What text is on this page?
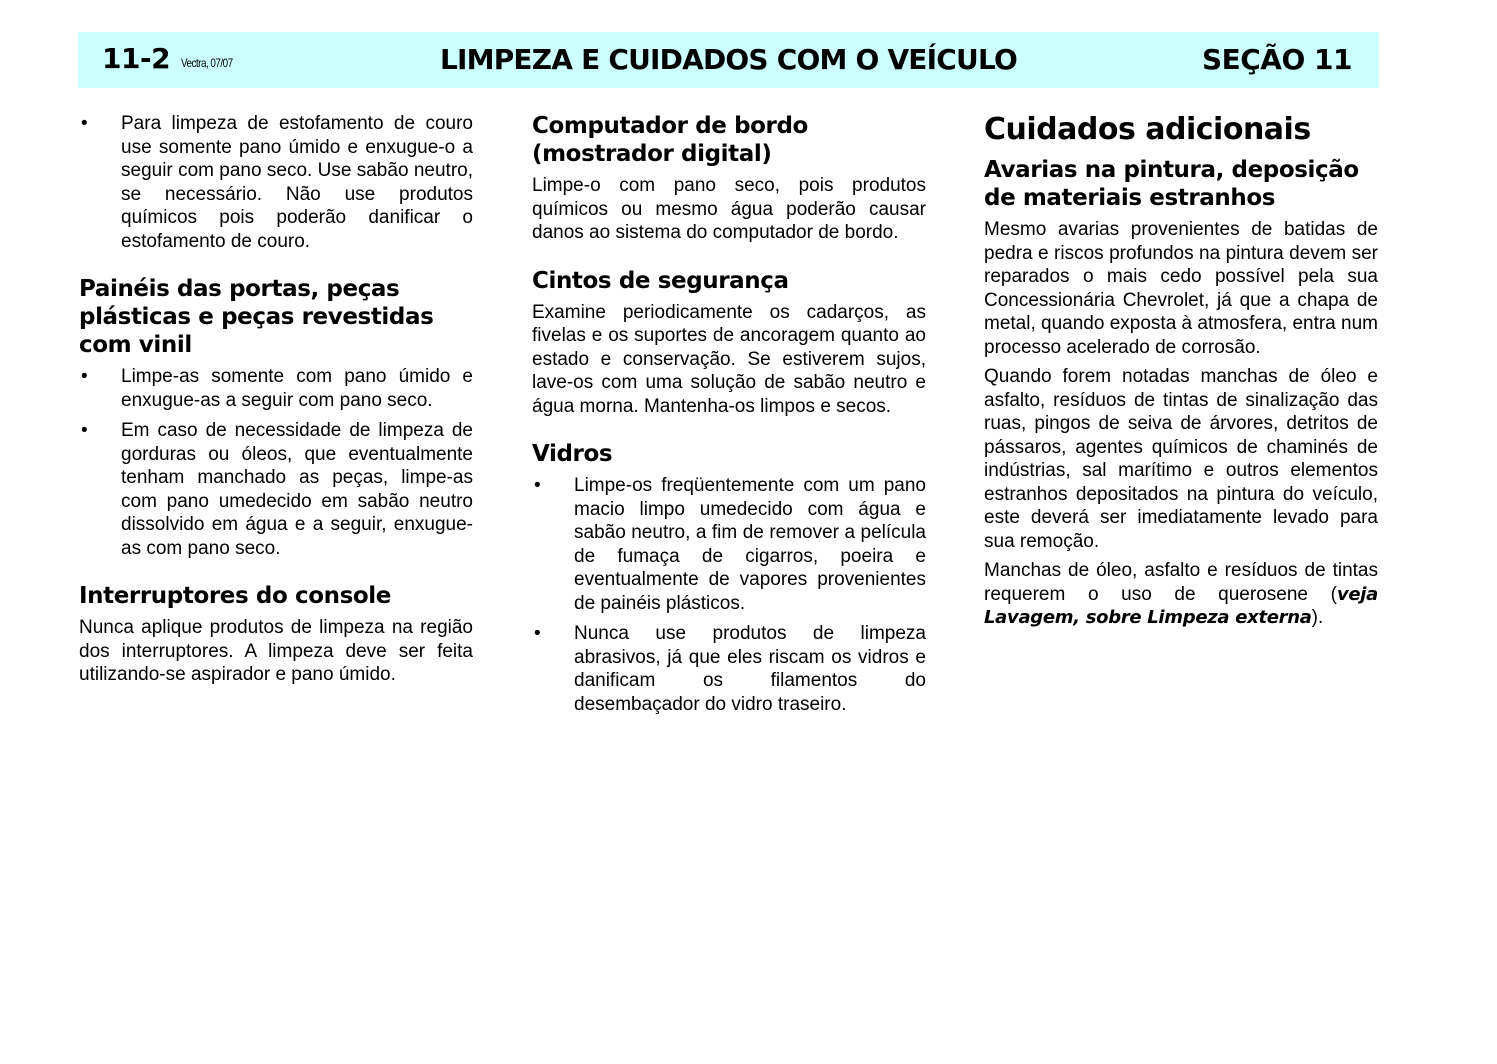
11-2 Vectra, 07/07	LIMPEZA E CUIDADOS COM O VEÍCULO	SEÇÃO 11
• Para limpeza de estofamento de couro use somente pano úmido e enxugue-o a seguir com pano seco. Use sabão neutro, se necessário. Não use produtos químicos pois poderão danificar o estofamento de couro.
Painéis das portas, peças plásticas e peças revestidas com vinil
• Limpe-as somente com pano úmido e enxugue-as a seguir com pano seco.
• Em caso de necessidade de limpeza de gorduras ou óleos, que eventualmente tenham manchado as peças, limpe-as com pano umedecido em sabão neutro dissolvido em água e a seguir, enxugue-as com pano seco.
Interruptores do console

Nunca aplique produtos de limpeza na região dos interruptores. A limpeza deve ser feita utilizando-se aspirador e pano úmido.

Computador de bordo (mostrador digital)

Limpe-o com pano seco, pois produtos químicos ou mesmo água poderão causar danos ao sistema do computador de bordo.

Cintos de segurança

Examine periodicamente os cadarços, as fivelas e os suportes de ancoragem quanto ao estado e conservação. Se estiverem sujos, lave-os com uma solução de sabão neutro e água morna. Mantenha-os limpos e secos.

Vidros
• Limpe-os freqüentemente com um pano macio limpo umedecido com água e sabão neutro, a fim de remover a película de fumaça de cigarros, poeira e eventualmente de vapores provenientes de painéis plásticos.
• Nunca use produtos de limpeza abrasivos, já que eles riscam os vidros e danificam os filamentos do desembaçador do vidro traseiro.
Cuidados adicionais
Avarias na pintura, deposição de materiais estranhos

Mesmo avarias provenientes de batidas de pedra e riscos profundos na pintura devem ser reparados o mais cedo possível pela sua Concessionária Chevrolet, já que a chapa de metal, quando exposta à atmosfera, entra num processo acelerado de corrosão.

Quando forem notadas manchas de óleo e asfalto, resíduos de tintas de sinalização das ruas, pingos de seiva de árvores, detritos de pássaros, agentes químicos de chaminés de indústrias, sal marítimo e outros elementos estranhos depositados na pintura do veículo, este deverá ser imediatamente levado para sua remoção.

Manchas de óleo, asfalto e resíduos de tintas requerem o uso de querosene (veja Lavagem, sobre Limpeza externa).
